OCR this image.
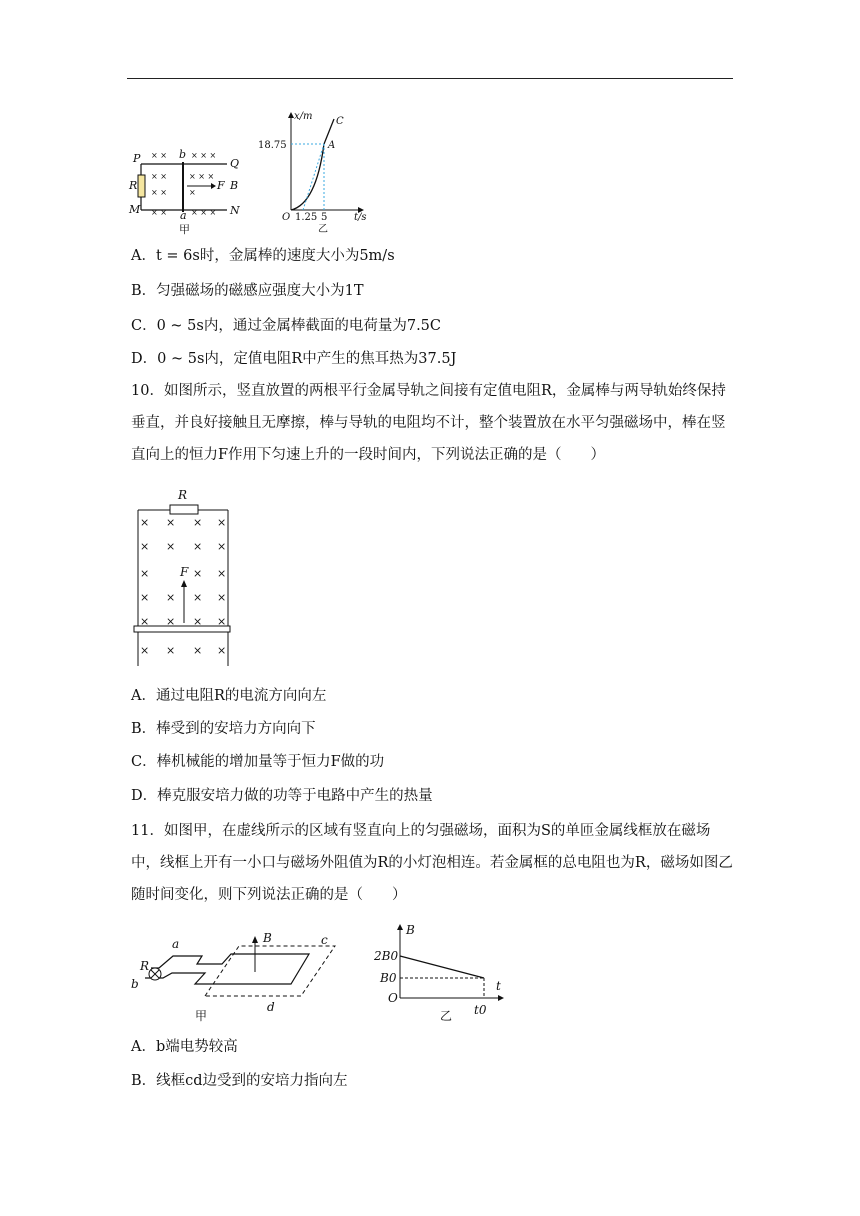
× ×	× × ×
× ×	× × ×
× ×	×
× ×	× × ×
P	b
Q
R	F B
M	a	N
甲
x/m C
18.75	A
O 1.25 5	t/s
乙
A．t = 6s时，金属棒的速度大小为5m/s
B．匀强磁场的磁感应强度大小为1T
C．0 ~ 5s内，通过金属棒截面的电荷量为7.5C
D．0 ~ 5s内，定值电阻R中产生的焦耳热为37.5J
10．如图所示，竖直放置的两根平行金属导轨之间接有定值电阻R，金属棒与两导轨始终保持垂直，并良好接触且无摩擦，棒与导轨的电阻均不计，整个装置放在水平匀强磁场中，棒在竖直向上的恒力F作用下匀速上升的一段时间内，下列说法正确的是（　　）
× × × ×
× × × ×
×	× ×
× × × ×
× × × ×
× × × ×
R
F
A．通过电阻R的电流方向向左
B．棒受到的安培力方向向下
C．棒机械能的增加量等于恒力F做的功
D．棒克服安培力做的功等于电路中产生的热量
11．如图甲，在虚线所示的区域有竖直向上的匀强磁场，面积为S的单匝金属线框放在磁场中，线框上开有一小口与磁场外阻值为R的小灯泡相连。若金属框的总电阻也为R，磁场如图乙随时间变化，则下列说法正确的是（　　）
R
a
b
B	c
d
甲
B
2B0
B0
O
t
t0
乙
A．b端电势较高
B．线框cd边受到的安培力指向左
